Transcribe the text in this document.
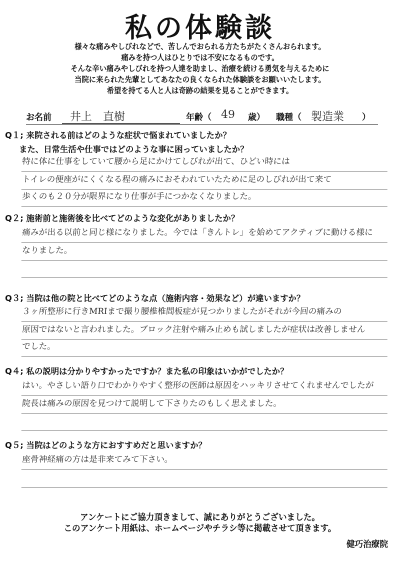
私の体験談
様々な痛みやしびれなどで、苦しんでおられる方たちがたくさんおられます。
痛みを持つ人はひとりでは不安になるものです。
そんな辛い痛みやしびれを持つ人達を助まし、治療を続ける勇気を与えるために
当院に来られた先輩としてあなたの良くなられた体験談をお願いいたします。
希望を持てる人と人は奇跡の結果を見ることができます。
お名前 井上　直樹	年齢（ 49 歳） 職種（ 製造業 ）
Q１; 来院される前はどのような症状で悩まれていましたか？
また、日常生活や仕事ではどのような事に困っていましたか？
特に体に仕事をしていて腰から足にかけてしびれが出て、ひどい時には
トイレの便座がにくくなる程の痛みにおそわれていたために足のしびれが出て来て
歩くのも２０分が限界になり仕事が手につかなくなりました。
Q２; 施術前と施術後を比べてどのような変化がありましたか？
痛みが出る以前と同じ様になりました。今では「きんトレ」を始めてアクティブに動ける様に
なりました。
Q３; 当院は他の院と比べてどのような点（施術内容・効果など）が違いますか？
３ヶ所整形に行きMRIまで撮り腰椎椎間板症が見つかりましたがそれが今回の痛みの
原因ではないと言われました。ブロック注射や痛み止めも試しましたが症状は改善しません
でした。
Q４; 私の説明は分かりやすかったですか？また私の印象はいかがでしたか？
はい。やさしい語り口でわかりやすく整形の医師は原因をハッキリさせてくれませんでしたが
院長は痛みの原因を見つけて説明して下さりたのもしく思えました。
Q５; 当院はどのような方におすすめだと思いますか？
座骨神経痛の方は是非来てみて下さい。
アンケートにご協力頂きまして、誠にありがとうございました。
このアンケート用紙は、ホームページやチラシ等に掲載させて頂きます。
健巧治療院
